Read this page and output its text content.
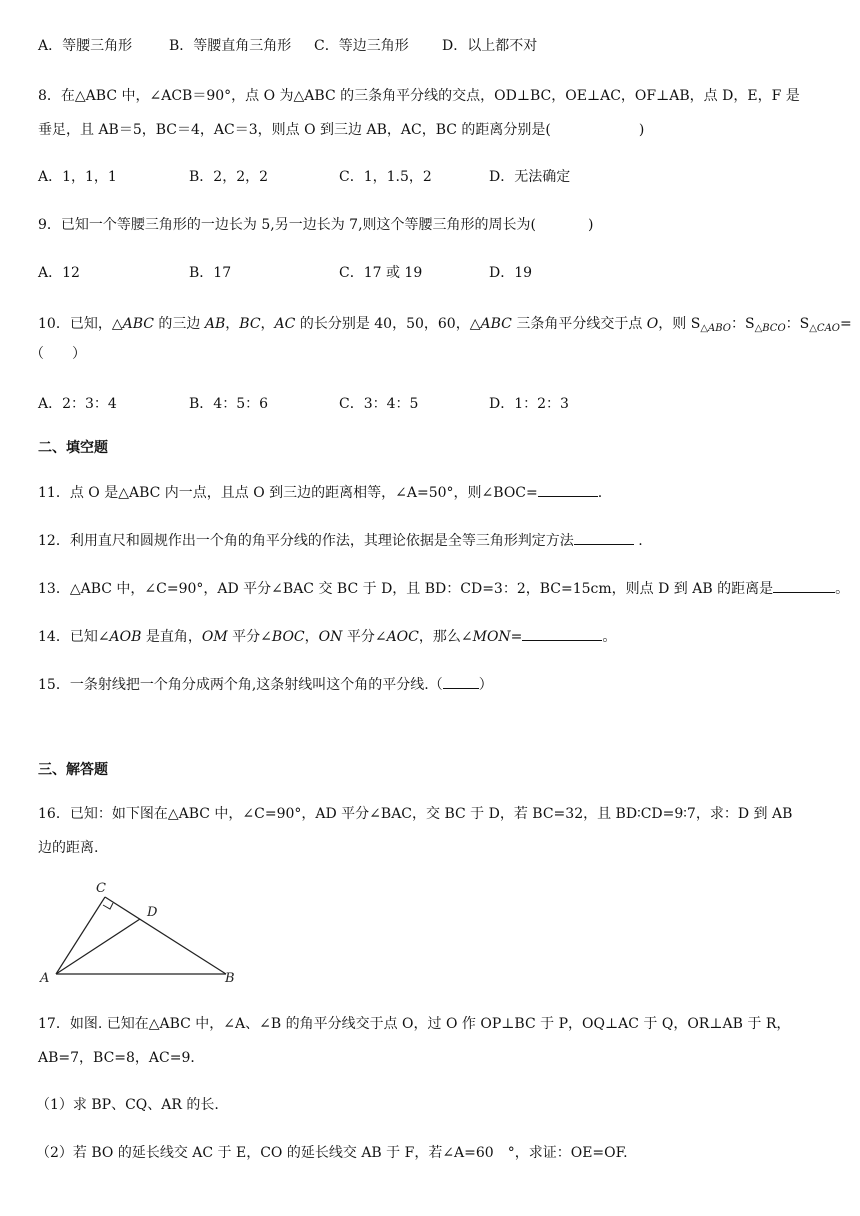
A．等腰三角形	B．等腰直角三角形 C．等边三角形 D．以上都不对
8．在△ABC 中，∠ACB＝90°，点 O 为△ABC 的三条角平分线的交点，OD⊥BC，OE⊥AC，OF⊥AB，点 D，E，F 是
垂足，且 AB＝5，BC＝4，AC＝3，则点 O 到三边 AB，AC，BC 的距离分别是(	)
A．1，1，1	B．2，2，2	C．1，1.5，2	D．无法确定
9．已知一个等腰三角形的一边长为 5,另一边长为 7,则这个等腰三角形的周长为(	)
A．12	B．17	C．17 或 19	D．19
10．已知，△ABC 的三边 AB，BC，AC 的长分别是 40，50，60，△ABC 三条角平分线交于点 O，则 $S_{\triangle ABO}$：$S_{\triangle BCO}$：$S_{\triangle CAO}=$
（　　）
A．2：3：4	B．4：5：6	C．3：4：5	D．1：2：3
二、填空题
11．点 O 是△ABC 内一点，且点 O 到三边的距离相等，∠A=50°，则∠BOC=	.
12．利用直尺和圆规作出一个角的角平分线的作法，其理论依据是全等三角形判定方法	.
13．△ABC 中，∠C=90°，AD 平分∠BAC 交 BC 于 D，且 BD：CD=3：2，BC=15cm，则点 D 到 AB 的距离是	。
14．已知∠AOB 是直角，OM 平分∠BOC，ON 平分∠AOC，那么∠MON=	。
15．一条射线把一个角分成两个角,这条射线叫这个角的平分线.（	）
三、解答题
16．已知：如下图在△ABC 中，∠C=90°，AD 平分∠BAC，交 BC 于 D，若 BC=32，且 BD∶CD=9∶7，求：D 到 AB
边的距离.
C
D
A	B
17．如图. 已知在△ABC 中，∠A、∠B 的角平分线交于点 O，过 O 作 OP⊥BC 于 P，OQ⊥AC 于 Q，OR⊥AB 于 R，
AB=7，BC=8，AC=9．
（1）求 BP、CQ、AR 的长.
（2）若 BO 的延长线交 AC 于 E，CO 的延长线交 AB 于 F，若∠A=60　°，求证：OE=OF.
